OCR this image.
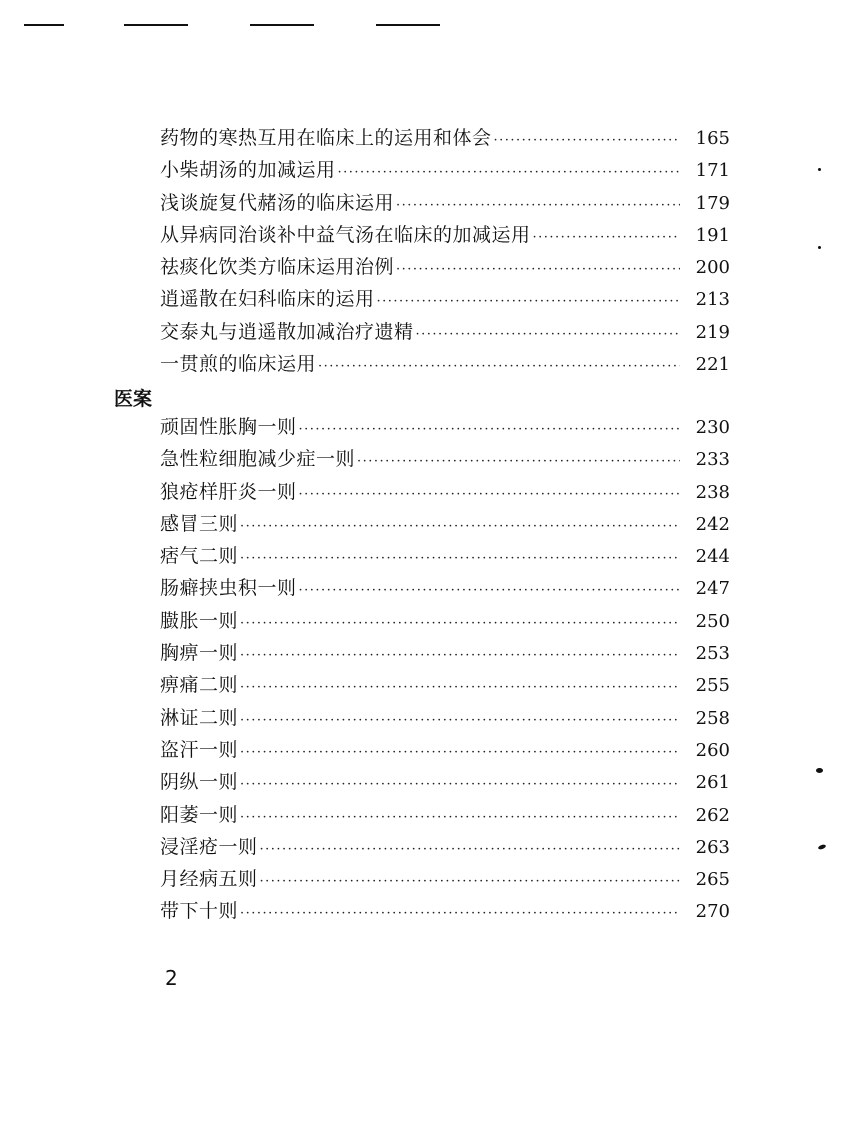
药物的寒热互用在临床上的运用和体会 ·····	165
小柴胡汤的加减运用 ·····	171
浅谈旋复代赭汤的临床运用 ·····	179
从异病同治谈补中益气汤在临床的加减运用 ·····	191
祛痰化饮类方临床运用治例 ·····	200
逍遥散在妇科临床的运用 ·····	213
交泰丸与逍遥散加减治疗遗精 ·····	219
一贯煎的临床运用 ·····	221
医案
顽固性胀胸一则 ·····	230
急性粒细胞减少症一则 ·····	233
狼疮样肝炎一则 ·····	238
感冒三则 ·····	242
痞气二则 ·····	244
肠癖挟虫积一则 ·····	247
臌胀一则 ·····	250
胸痹一则 ·····	253
痹痛二则 ·····	255
淋证二则 ·····	258
盗汗一则 ·····	260
阴纵一则 ·····	261
阳萎一则 ·····	262
浸淫疮一则 ·····	263
月经病五则 ·····	265
带下十则 ·····	270
2
